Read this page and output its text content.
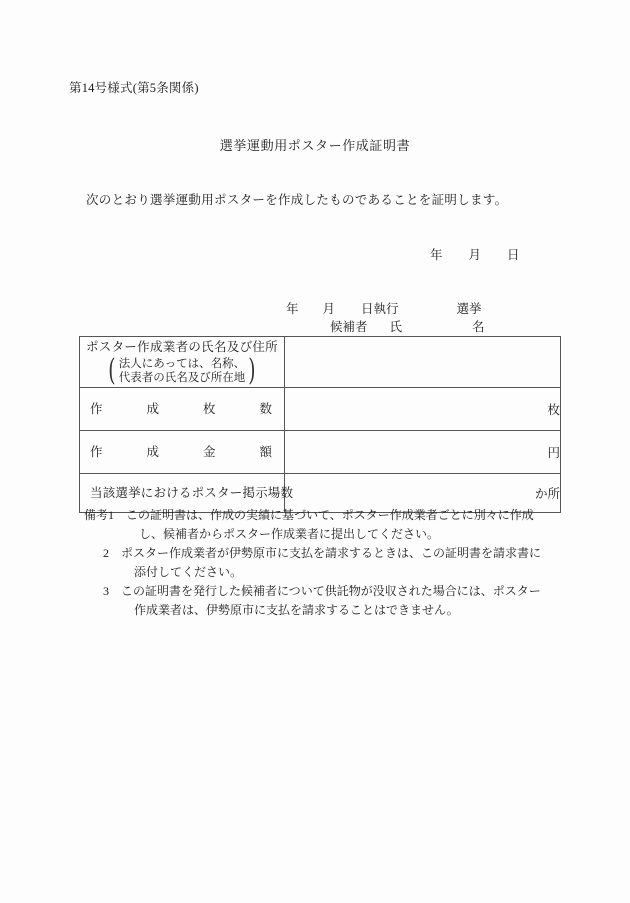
第14号様式(第5条関係)
選挙運動用ポスター作成証明書
次のとおり選挙運動用ポスターを作成したものであることを証明します。
年 月 日
年 月 日執行	選挙
候補者 氏	名
ポスター作成業者の氏名及び住所
( 法人にあっては、名称、
代表者の氏名及び所在地 )	

作 成 枚 数	枚

作 成 金 額	円
当該選挙におけるポスター掲示場数	か所
備考1	この証明書は、作成の実績に基づいて、ポスター作成業者ごとに別々に作成
し、候補者からポスター作成業者に提出してください。
2	ポスター作成業者が伊勢原市に支払を請求するときは、この証明書を請求書に
添付してください。
3	この証明書を発行した候補者について供託物が没収された場合には、ポスター
作成業者は、伊勢原市に支払を請求することはできません。
